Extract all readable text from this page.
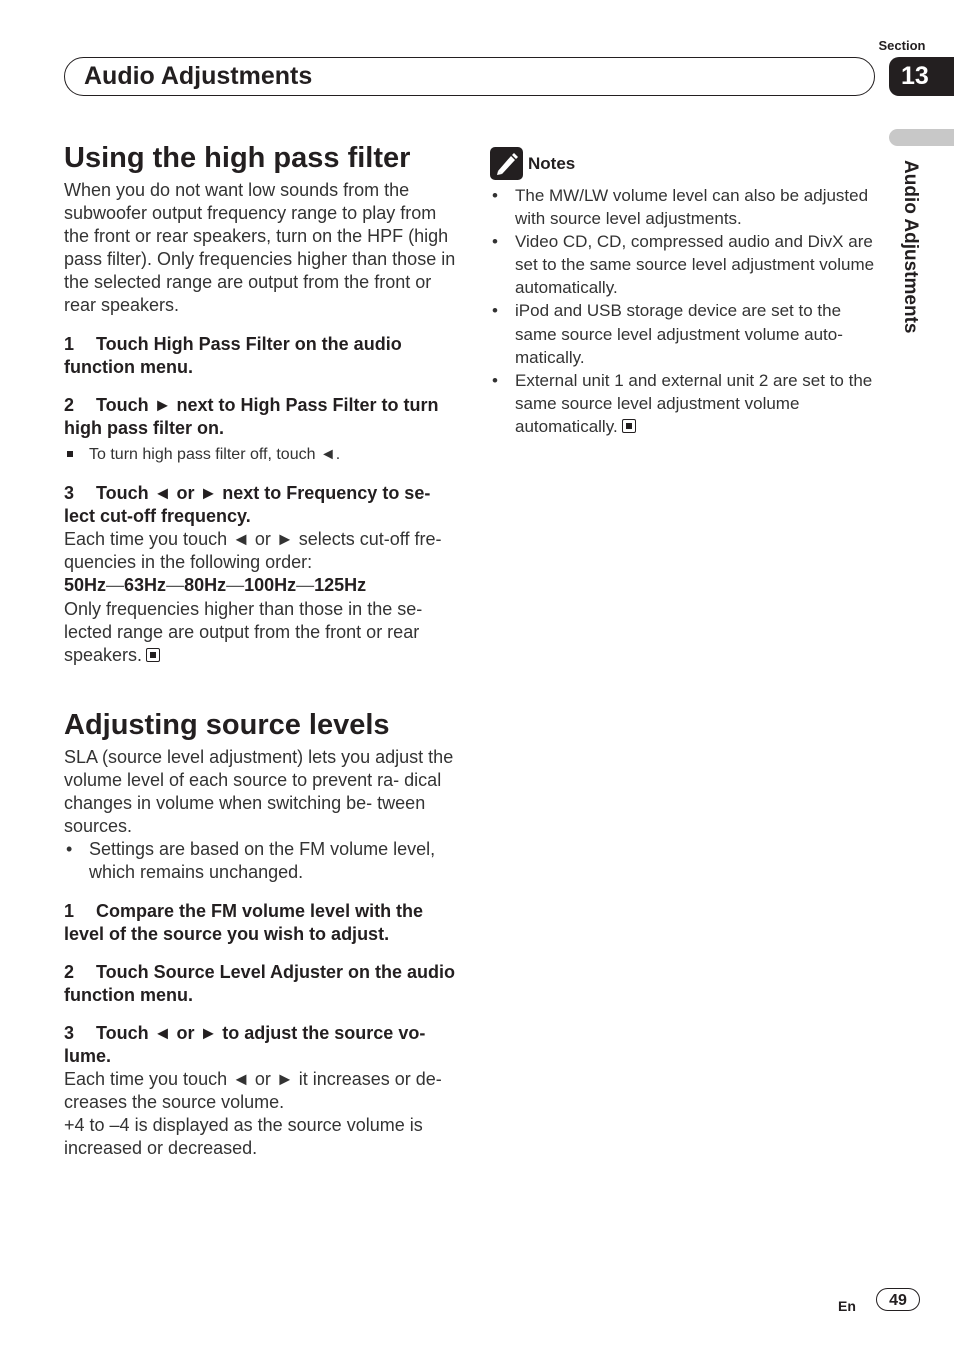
Section
13
Audio Adjustments
Audio Adjustments
Using the high pass filter

When you do not want low sounds from the subwoofer output frequency range to play from the front or rear speakers, turn on the HPF (high pass filter). Only frequencies higher than those in the selected range are output from the front or rear speakers.

1 Touch High Pass Filter on the audio function menu.

2 Touch ► next to High Pass Filter to turn high pass filter on.

To turn high pass filter off, touch ◄.

3 Touch ◄ or ► next to Frequency to se- lect cut-off frequency.

Each time you touch ◄ or ► selects cut-off fre- quencies in the following order:

50Hz—63Hz—80Hz—100Hz—125Hz

Only frequencies higher than those in the se- lected range are output from the front or rear speakers.

Adjusting source levels

SLA (source level adjustment) lets you adjust the volume level of each source to prevent ra- dical changes in volume when switching be- tween sources.

• Settings are based on the FM volume level, which remains unchanged.

1 Compare the FM volume level with the level of the source you wish to adjust.

2 Touch Source Level Adjuster on the audio function menu.

3 Touch ◄ or ► to adjust the source vo- lume.

Each time you touch ◄ or ► it increases or de- creases the source volume.

+4 to –4 is displayed as the source volume is increased or decreased.

Notes

• The MW/LW volume level can also be adjusted with source level adjustments.

• Video CD, CD, compressed audio and DivX are set to the same source level adjustment volume automatically.

• iPod and USB storage device are set to the same source level adjustment volume auto- matically.

• External unit 1 and external unit 2 are set to the same source level adjustment volume automatically.

En	49
